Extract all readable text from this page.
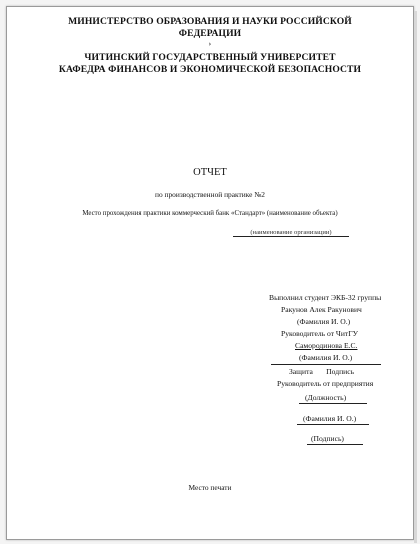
МИНИСТЕРСТВО ОБРАЗОВАНИЯ И НАУКИ РОССИЙСКОЙ
ФЕДЕРАЦИИ
›
ЧИТИНСКИЙ ГОСУДАРСТВЕННЫЙ УНИВЕРСИТЕТ
КАФЕДРА ФИНАНСОВ И ЭКОНОМИЧЕСКОЙ БЕЗОПАСНОСТИ
ОТЧЕТ
по производственной практике №2
Место прохождения практики коммерческий банк «Стандарт» (наименование объекта)
(наименование организации)
Выполнил студент ЭКБ-32 группы
Ракунов Алек Ракунович
(Фамилия И. О.)
Руководитель от ЧитГУ
Самородинова Е.С.
(Фамилия И. О.)
Защита       Подпись
Руководитель от предприятия
(Должность)
(Фамилия И. О.)
(Подпись)
Место печати
